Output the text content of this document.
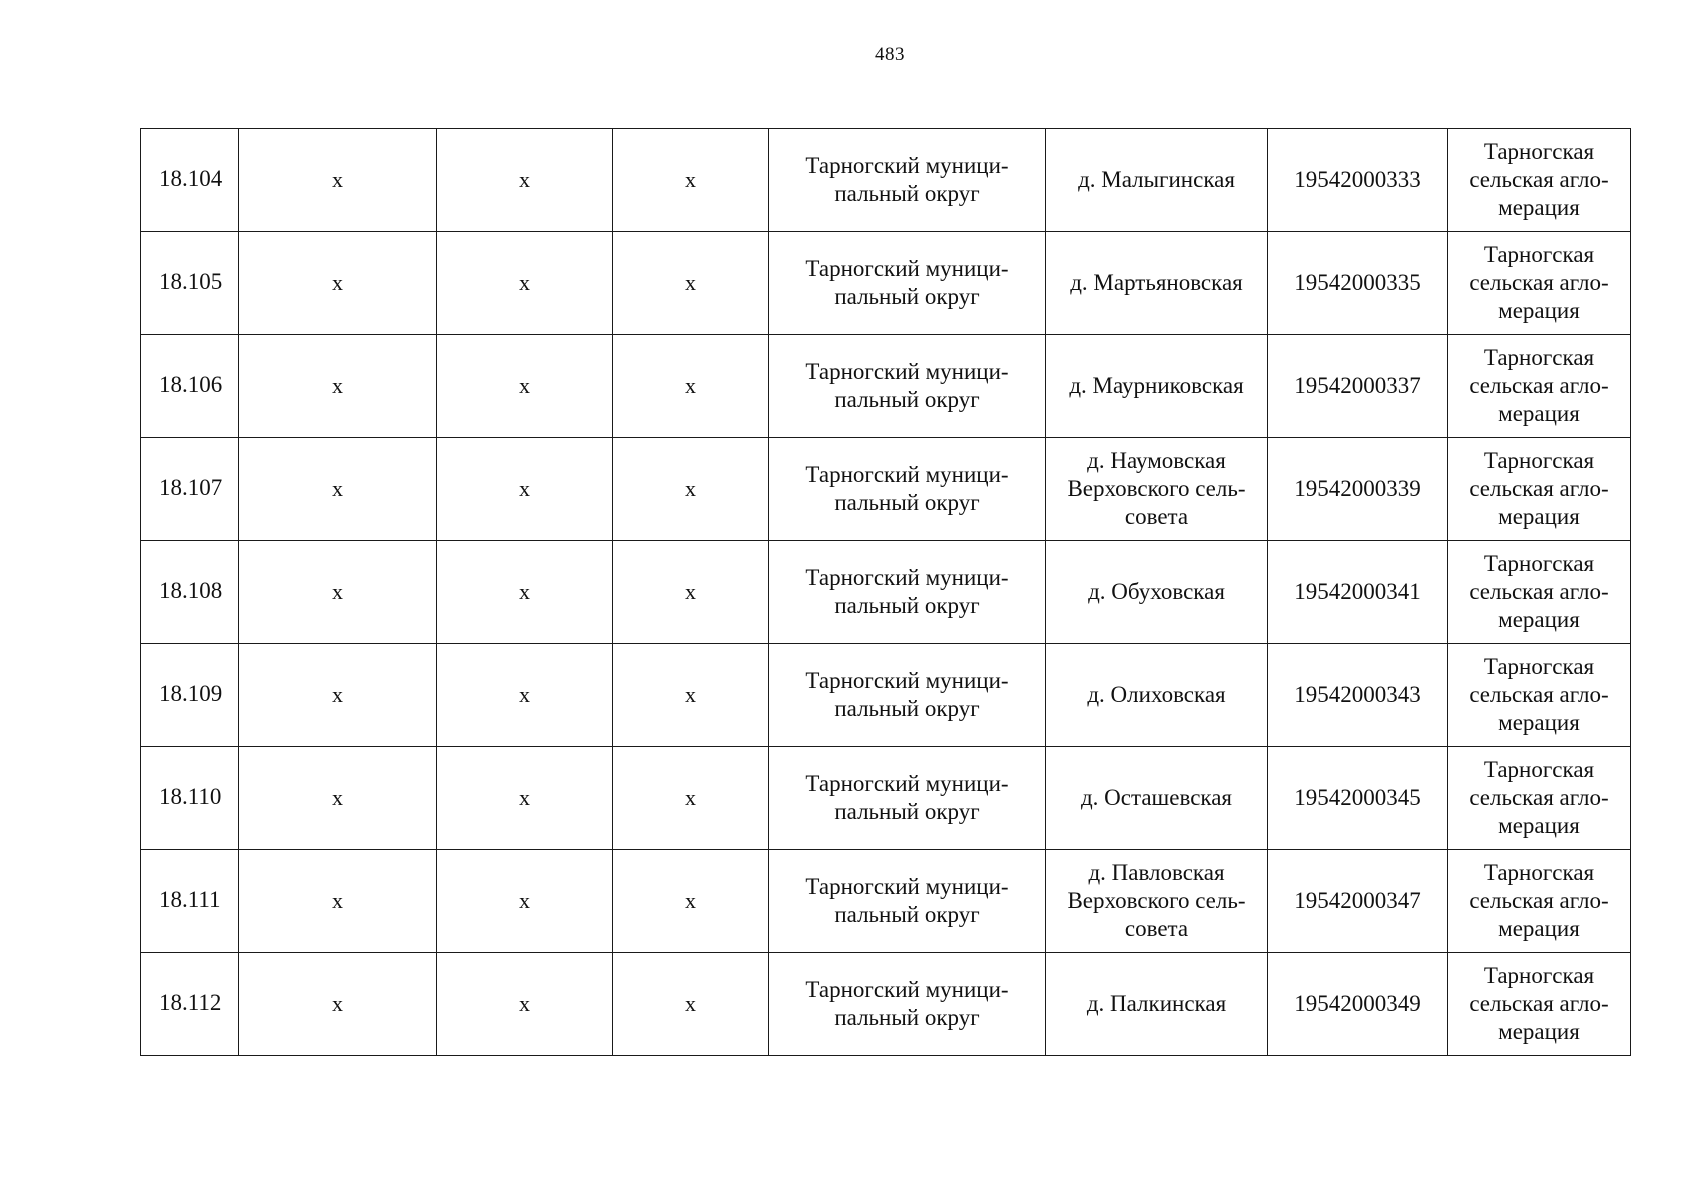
483
18.104	х	х	х	Тарногский муници-
пальный округ	д. Малыгинская	19542000333	Тарногская
сельская агло-
мерация
18.105	х	х	х	Тарногский муници-
пальный округ	д. Мартьяновская	19542000335	Тарногская
сельская агло-
мерация
18.106	х	х	х	Тарногский муници-
пальный округ	д. Маурниковская	19542000337	Тарногская
сельская агло-
мерация
18.107	х	х	х	Тарногский муници-
пальный округ	д. Наумовская
Верховского сель-
совета	19542000339	Тарногская
сельская агло-
мерация
18.108	х	х	х	Тарногский муници-
пальный округ	д. Обуховская	19542000341	Тарногская
сельская агло-
мерация
18.109	х	х	х	Тарногский муници-
пальный округ	д. Олиховская	19542000343	Тарногская
сельская агло-
мерация
18.110	х	х	х	Тарногский муници-
пальный округ	д. Осташевская	19542000345	Тарногская
сельская агло-
мерация
18.111	х	х	х	Тарногский муници-
пальный округ	д. Павловская
Верховского сель-
совета	19542000347	Тарногская
сельская агло-
мерация
18.112	х	х	х	Тарногский муници-
пальный округ	д. Палкинская	19542000349	Тарногская
сельская агло-
мерация
